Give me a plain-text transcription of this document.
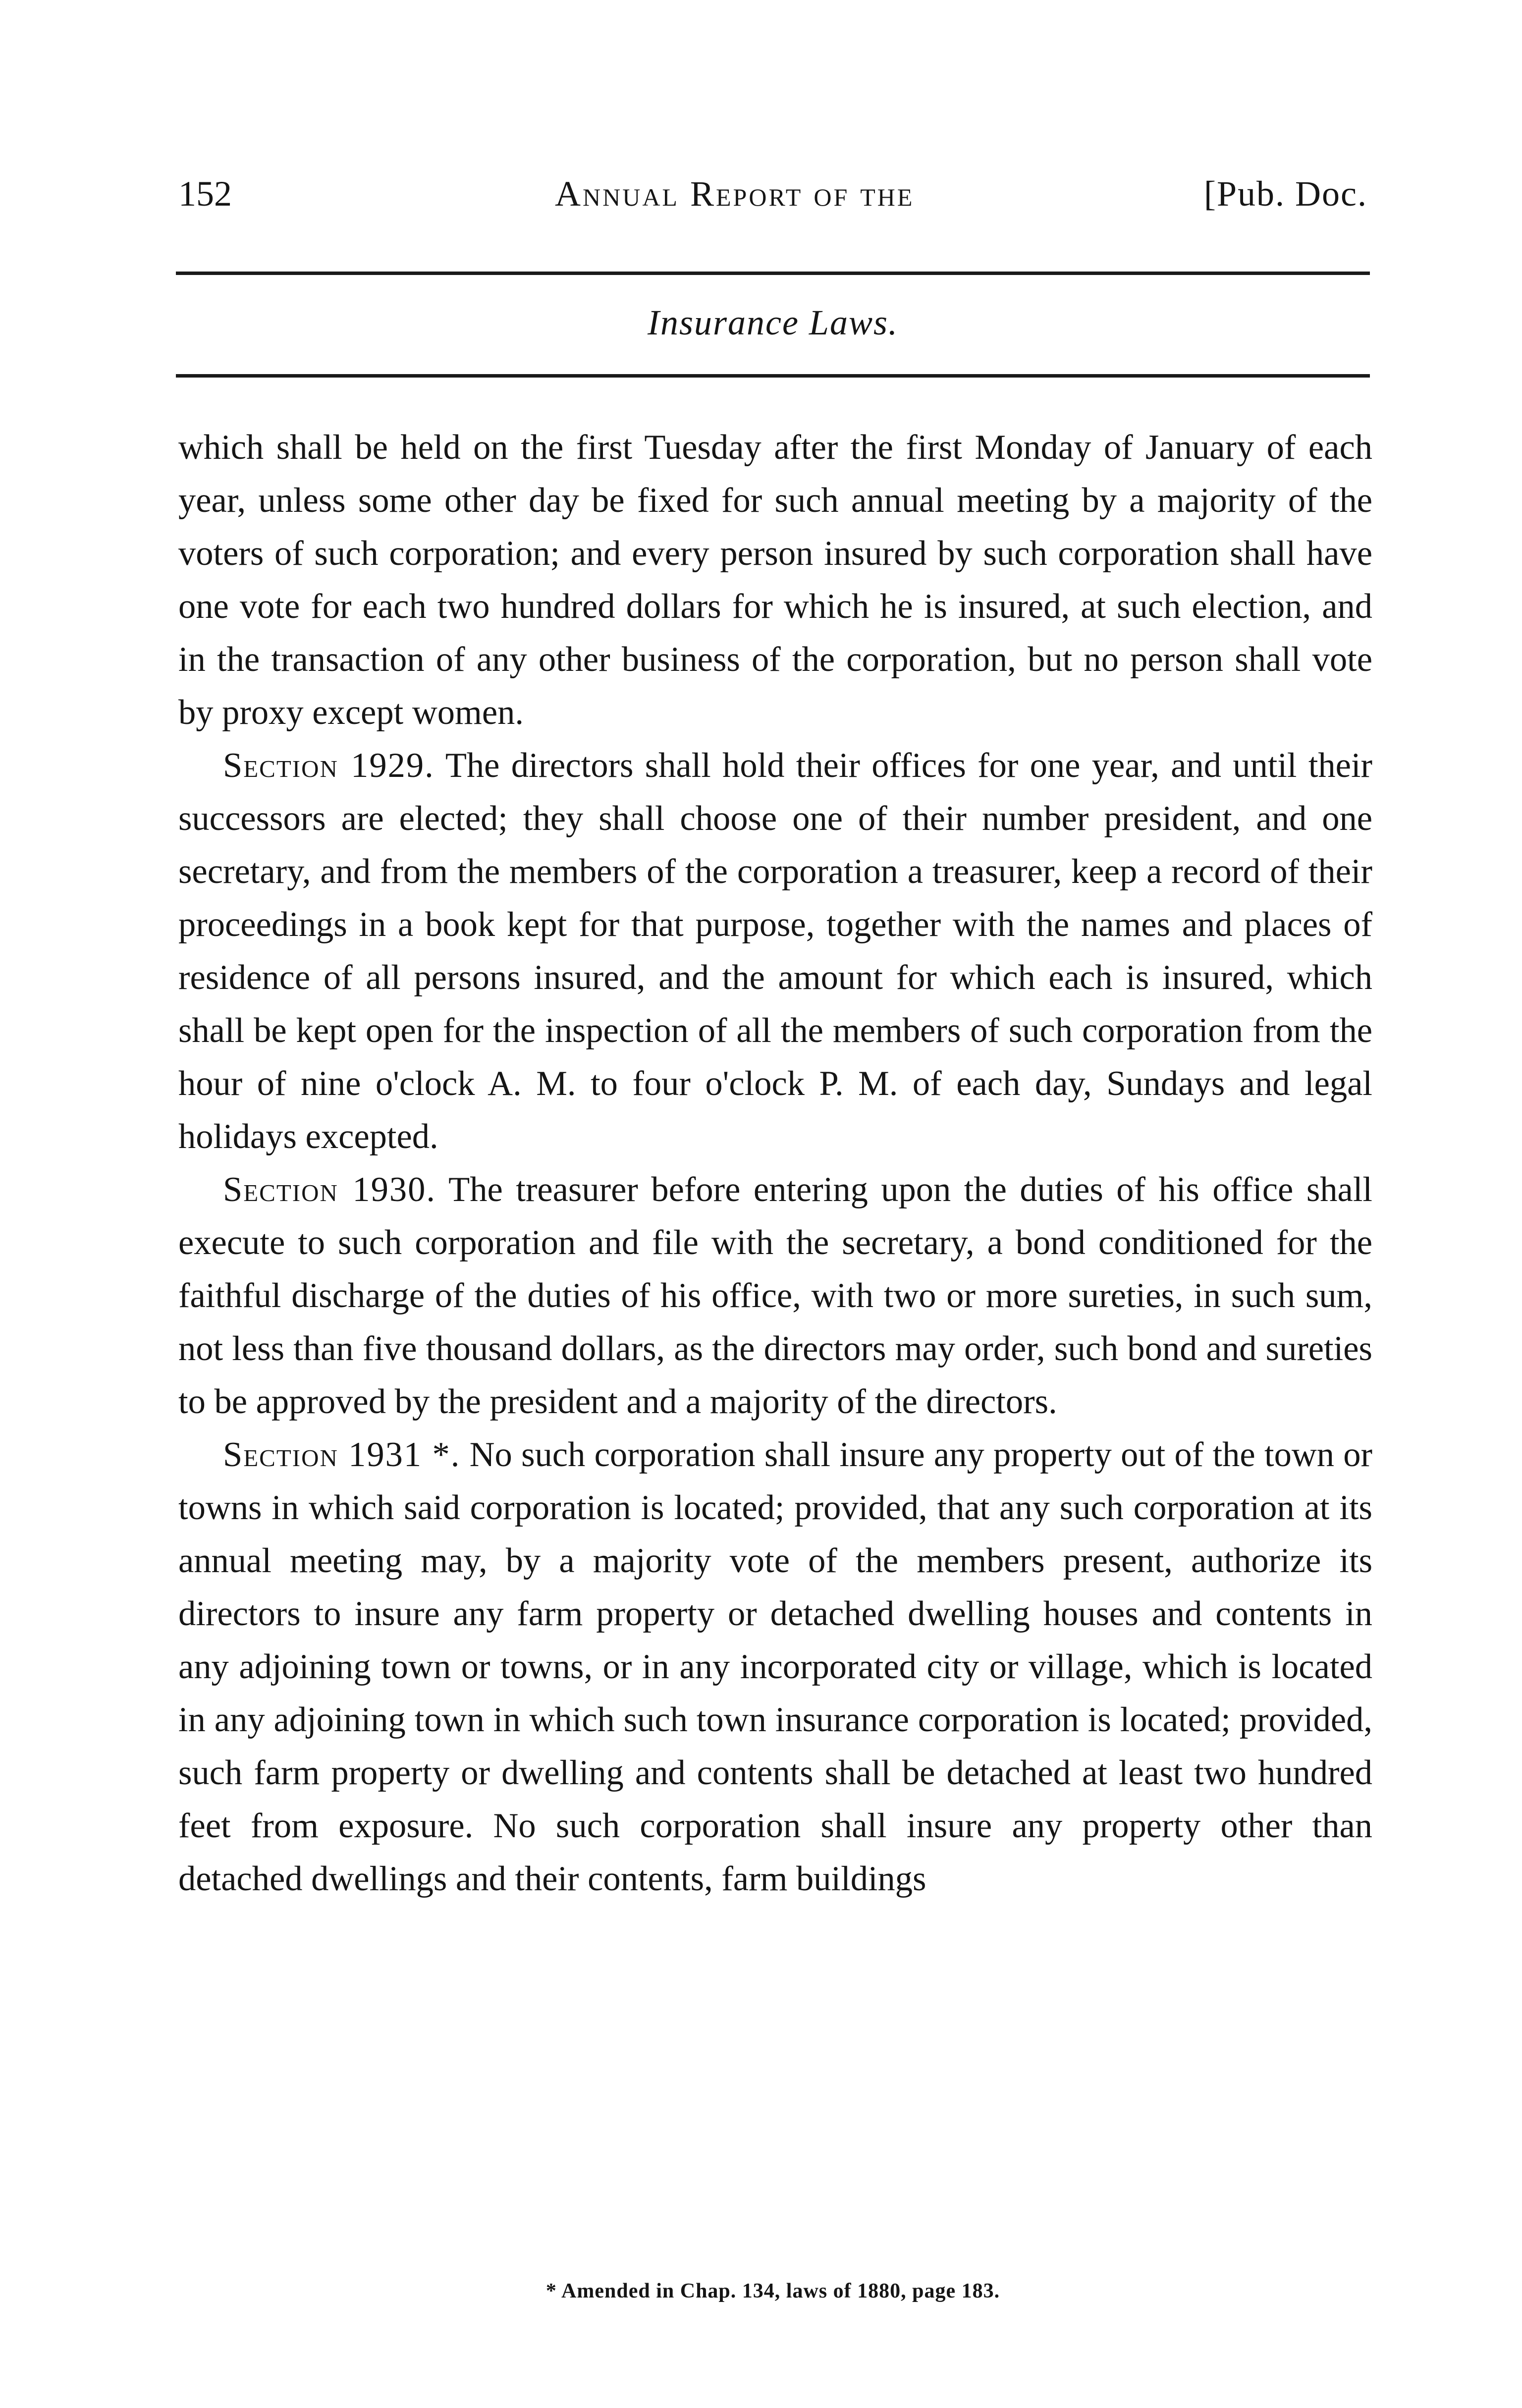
152	Annual Report of the	[Pub. Doc.
Insurance Laws.

which shall be held on the first Tuesday after the first Monday of January of each year, unless some other day be fixed for such annual meeting by a majority of the voters of such corporation; and every person insured by such corporation shall have one vote for each two hundred dollars for which he is insured, at such election, and in the transaction of any other business of the corporation, but no person shall vote by proxy except women.

Section 1929. The directors shall hold their offices for one year, and until their successors are elected; they shall choose one of their number president, and one secretary, and from the members of the corporation a treasurer, keep a record of their proceedings in a book kept for that purpose, together with the names and places of residence of all persons insured, and the amount for which each is insured, which shall be kept open for the inspection of all the members of such corporation from the hour of nine o'clock A. M. to four o'clock P. M. of each day, Sundays and legal holidays excepted.

Section 1930. The treasurer before entering upon the duties of his office shall execute to such corporation and file with the secretary, a bond conditioned for the faithful discharge of the duties of his office, with two or more sureties, in such sum, not less than five thousand dollars, as the directors may order, such bond and sureties to be approved by the president and a majority of the directors.

Section 1931 *. No such corporation shall insure any property out of the town or towns in which said corporation is located; provided, that any such corporation at its annual meeting may, by a majority vote of the members present, authorize its directors to insure any farm property or detached dwelling houses and contents in any adjoining town or towns, or in any incorporated city or village, which is located in any adjoining town in which such town insurance corporation is located; provided, such farm property or dwelling and contents shall be detached at least two hundred feet from exposure. No such corporation shall insure any property other than detached dwellings and their contents, farm buildings

* Amended in Chap. 134, laws of 1880, page 183.
